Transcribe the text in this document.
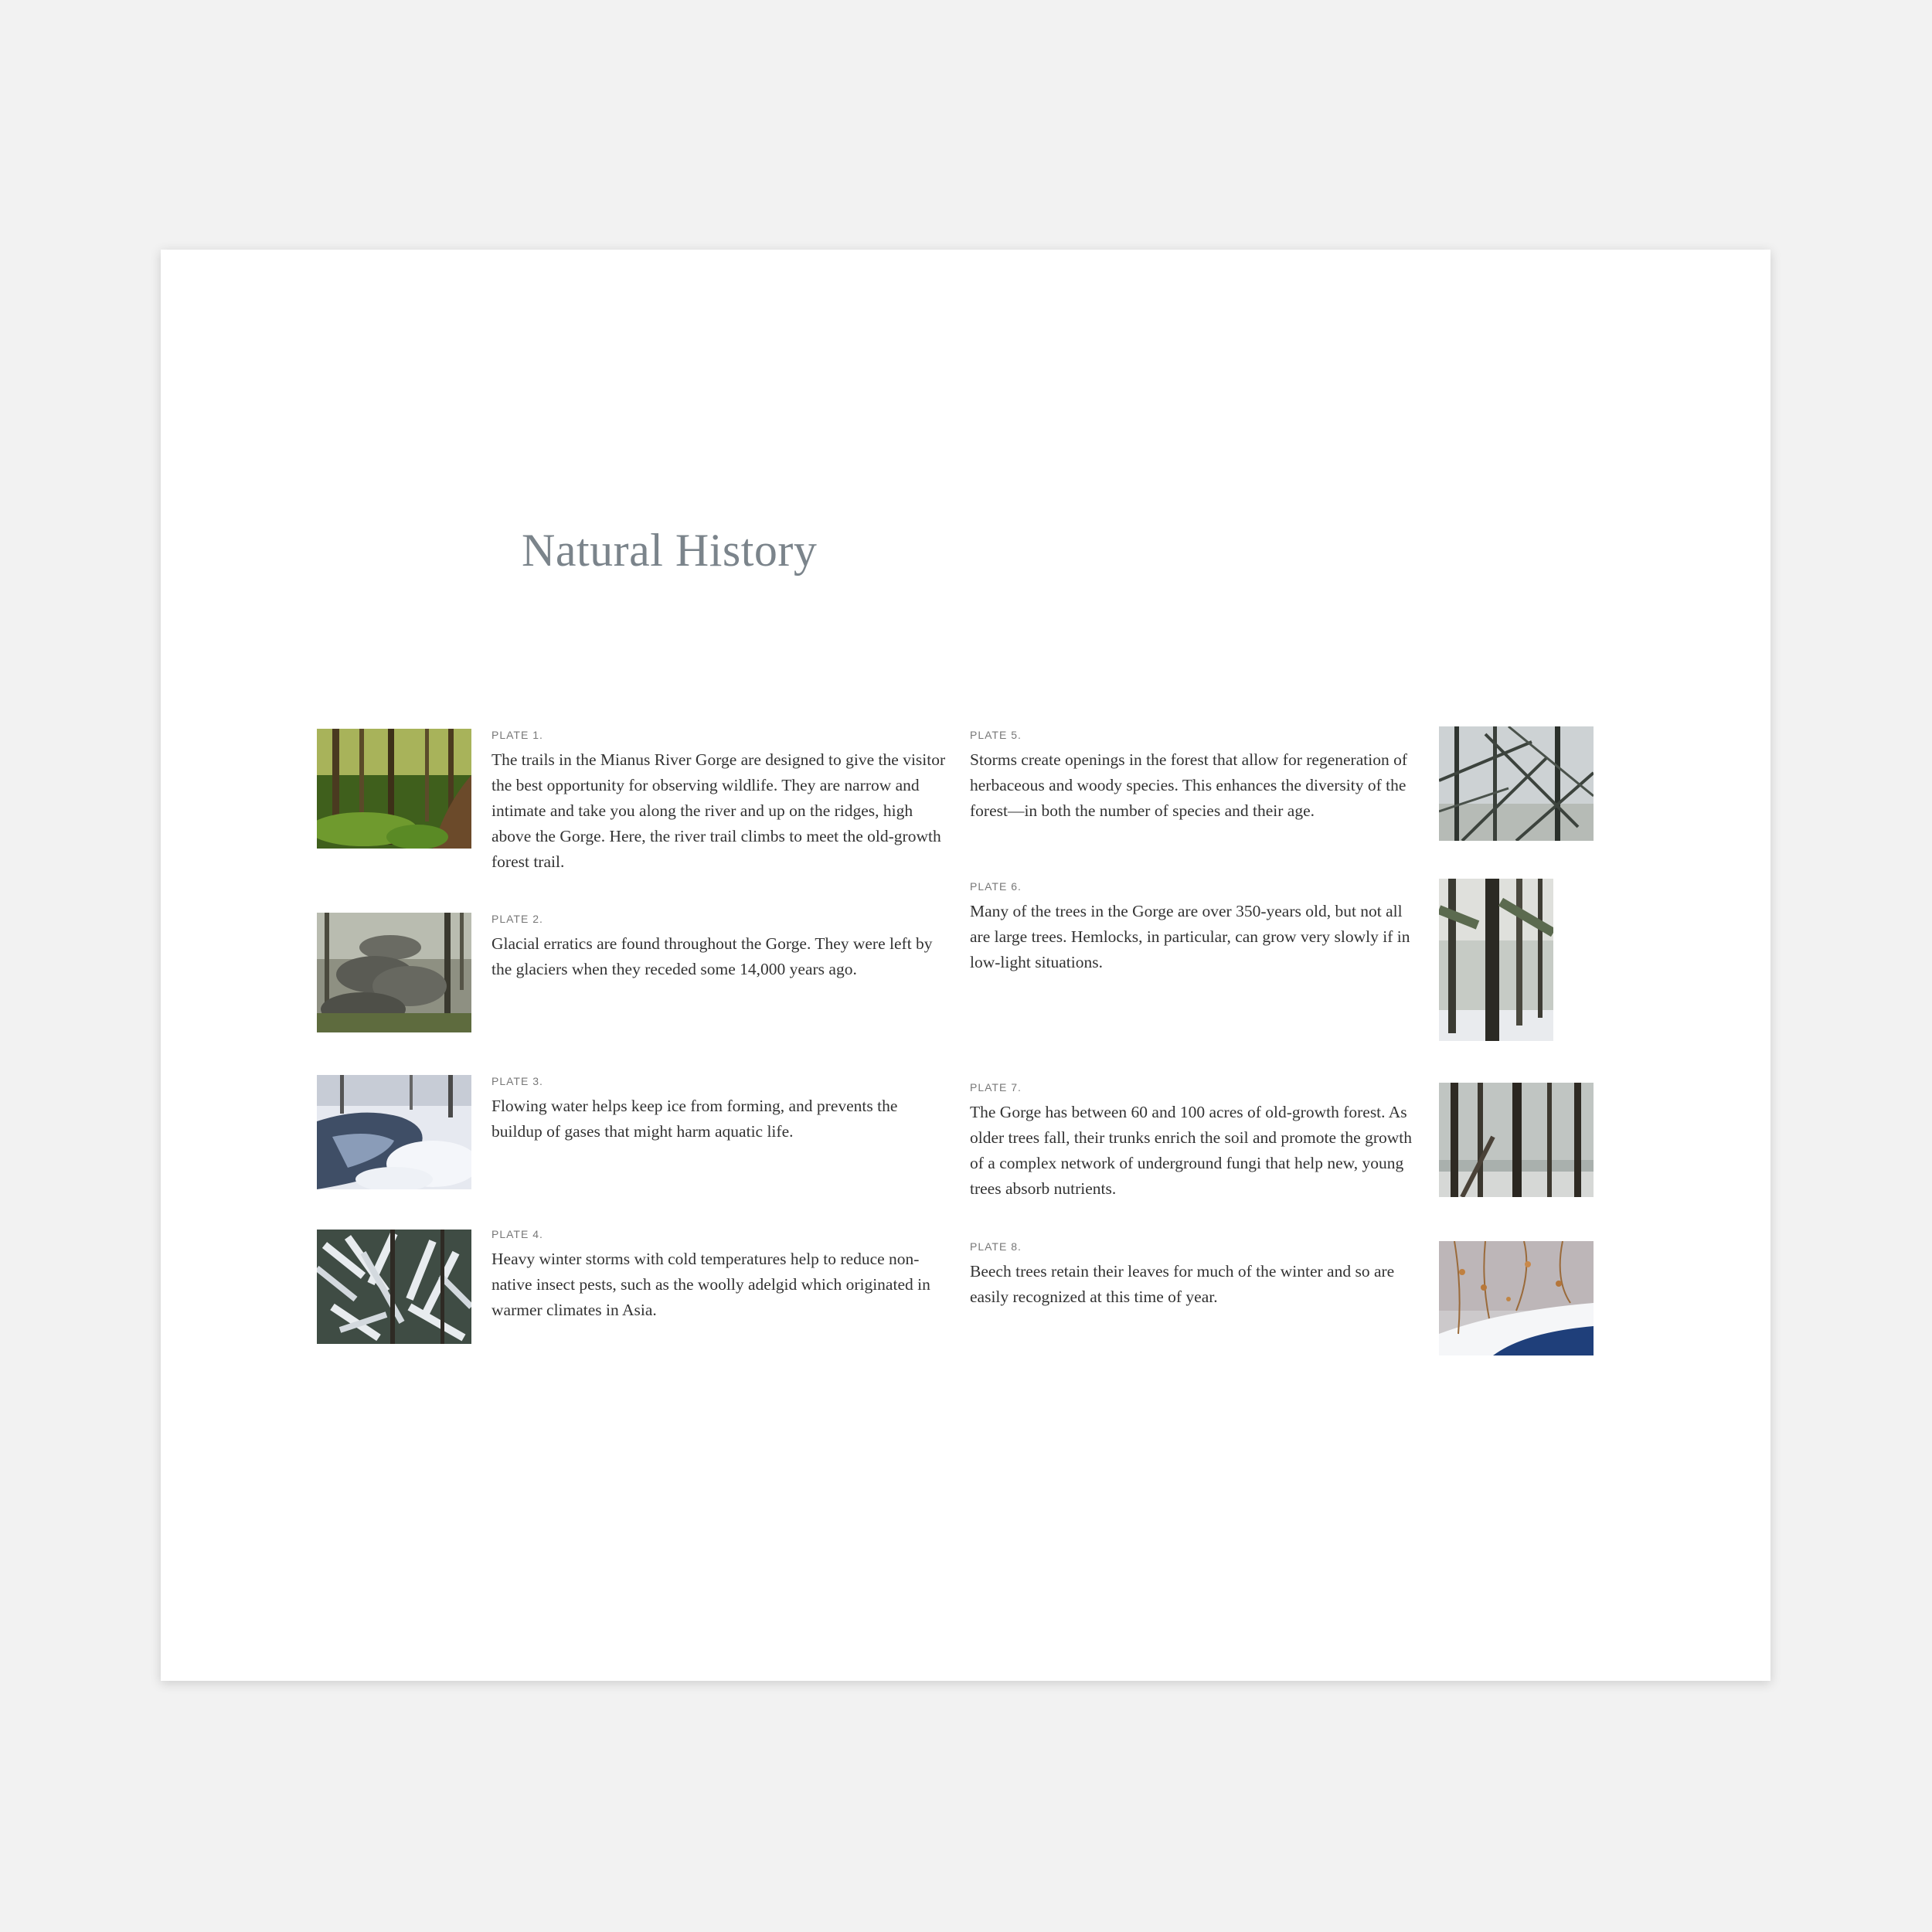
Natural History
PLATE 1.
The trails in the Mianus River Gorge are designed to give the visitor the best opportunity for observing wildlife. They are narrow and intimate and take you along the river and up on the ridges, high above the Gorge. Here, the river trail climbs to meet the old-growth forest trail.
PLATE 2.
Glacial erratics are found throughout the Gorge. They were left by the glaciers when they receded some 14,000 years ago.
PLATE 3.
Flowing water helps keep ice from forming, and prevents the buildup of gases that might harm aquatic life.
PLATE 4.
Heavy winter storms with cold temperatures help to reduce non-native insect pests, such as the woolly adelgid which originated in warmer climates in Asia.
PLATE 5.
Storms create openings in the forest that allow for regeneration of herbaceous and woody species. This enhances the diversity of the forest—in both the number of species and their age.
PLATE 6.
Many of the trees in the Gorge are over 350-years old, but not all are large trees. Hemlocks, in particular, can grow very slowly if in low-light situations.
PLATE 7.
The Gorge has between 60 and 100 acres of old-growth forest. As older trees fall, their trunks enrich the soil and promote the growth of a complex network of underground fungi that help new, young trees absorb nutrients.
PLATE 8.
Beech trees retain their leaves for much of the winter and so are easily recognized at this time of year.
